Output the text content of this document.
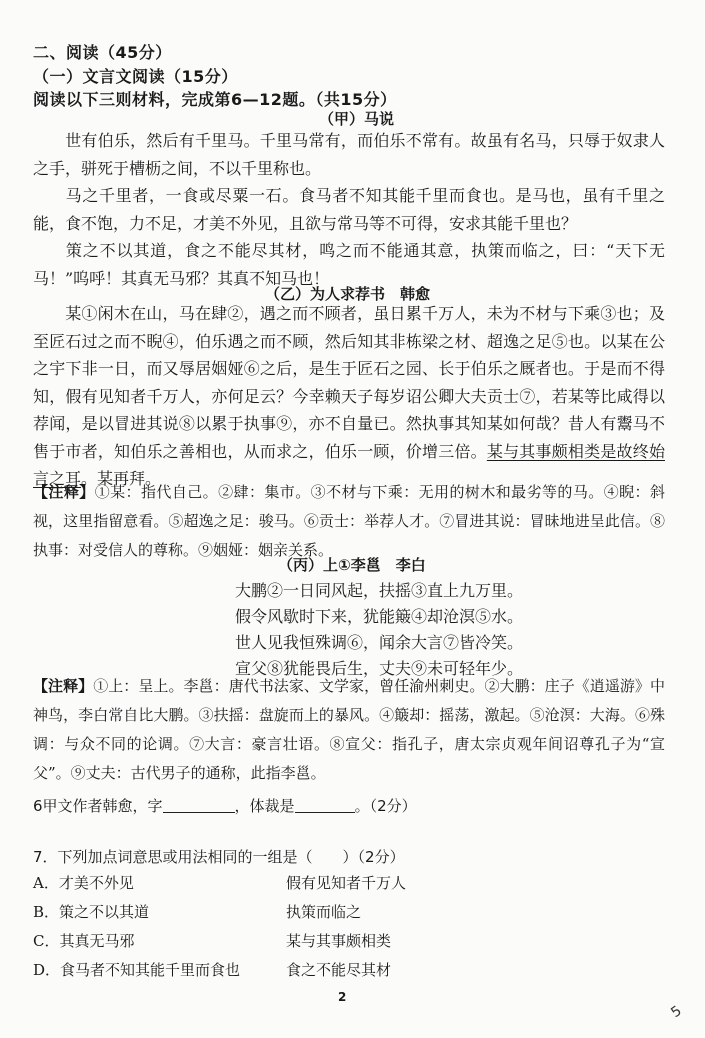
二、阅读（45分）
（一）文言文阅读（15分）
阅读以下三则材料，完成第6—12题。（共15分）
（甲）马说

世有伯乐，然后有千里马。千里马常有，而伯乐不常有。故虽有名马，只辱于奴隶人之手，骈死于槽枥之间，不以千里称也。

马之千里者，一食或尽粟一石。食马者不知其能千里而食也。是马也，虽有千里之能，食不饱，力不足，才美不外见，且欲与常马等不可得，安求其能千里也？

策之不以其道，食之不能尽其材，鸣之而不能通其意，执策而临之，曰：“天下无马！”呜呼！其真无马邪？其真不知马也！

（乙）为人求荐书　韩愈

某①闲木在山，马在肆②，遇之而不顾者，虽日累千万人，未为不材与下乘③也；及至匠石过之而不睨④，伯乐遇之而不顾，然后知其非栋梁之材、超逸之足⑤也。以某在公之宇下非一日，而又辱居姻娅⑥之后，是生于匠石之园、长于伯乐之厩者也。于是而不得知，假有见知者千万人，亦何足云？今幸赖天子每岁诏公卿大夫贡士⑦，若某等比咸得以荐闻，是以冒进其说⑧以累于执事⑨，亦不自量已。然执事其知某如何哉？昔人有鬻马不售于市者，知伯乐之善相也，从而求之，伯乐一顾，价增三倍。某与其事颇相类是故终始言之耳。某再拜。

【注释】①某：指代自己。②肆：集市。③不材与下乘：无用的树木和最劣等的马。④睨：斜视，这里指留意看。⑤超逸之足：骏马。⑥贡士：举荐人才。⑦冒进其说：冒昧地进呈此信。⑧执事：对受信人的尊称。⑨姻娅：姻亲关系。

（丙）上①李邕　李白
大鹏②一日同风起，扶摇③直上九万里。
假令风歇时下来，犹能簸④却沧溟⑤水。
世人见我恒殊调⑥，闻余大言⑦皆冷笑。
宣父⑧犹能畏后生，丈夫⑨未可轻年少。

【注释】①上：呈上。李邕：唐代书法家、文学家，曾任渝州刺史。②大鹏：庄子《逍遥游》中神鸟，李白常自比大鹏。③扶摇：盘旋而上的暴风。④簸却：摇荡，激起。⑤沧溟：大海。⑥殊调：与众不同的论调。⑦大言：豪言壮语。⑧宣父：指孔子，唐太宗贞观年间诏尊孔子为“宣父”。⑨丈夫：古代男子的通称，此指李邕。

6甲文作者韩愈，字	，体裁是	。（2分）
7．下列加点词意思或用法相同的一组是（　　）（2分）
A．才美不外见	假有见知者千万人
B．策之不以其道	执策而临之
C．其真无马邪	某与其事颇相类
D．食马者不知其能千里而食也	食之不能尽其材
2
5
